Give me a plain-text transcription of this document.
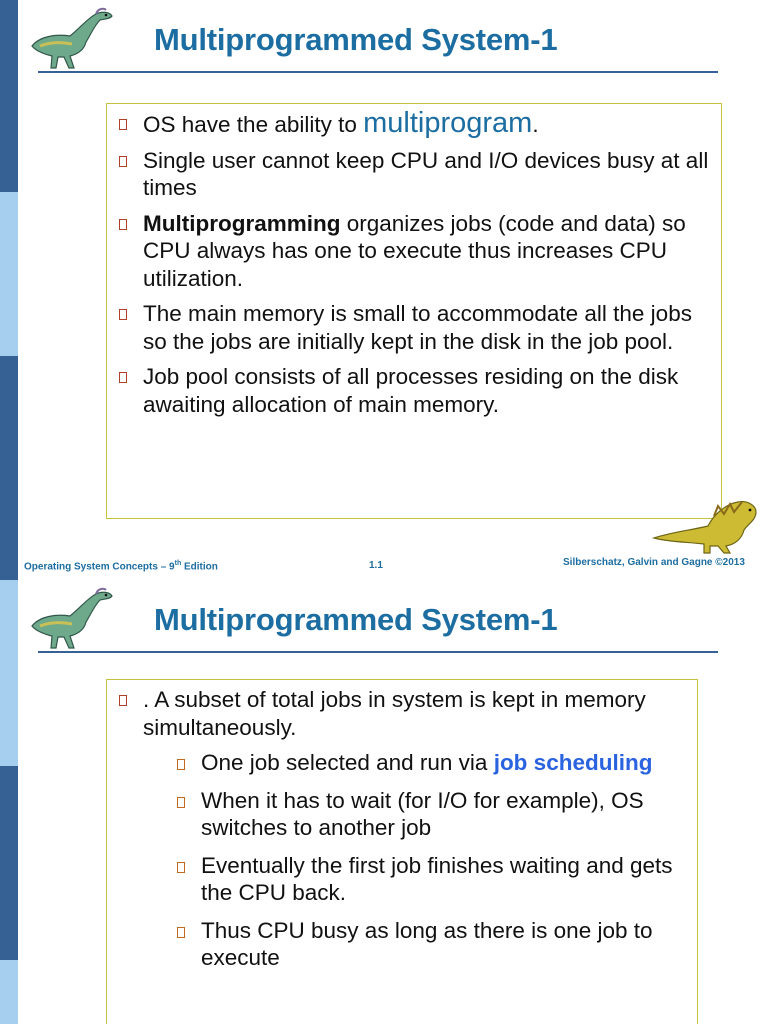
Multiprogrammed System-1
OS have the ability to multiprogram.
Single user cannot keep CPU and I/O devices busy at all times
Multiprogramming organizes jobs (code and data) so CPU always has one to execute thus increases CPU utilization.
The main memory is small to accommodate all the jobs so the jobs are initially kept in the disk in the job pool.
Job pool consists of all processes residing on the disk awaiting allocation of main memory.
Operating System Concepts – 9th Edition	1.1	Silberschatz, Galvin and Gagne ©2013
Multiprogrammed System-1
. A subset of total jobs in system is kept in memory simultaneously.
One job selected and run via job scheduling
When it has to wait (for I/O for example), OS switches to another job
Eventually the first job finishes waiting and gets the CPU back.
Thus CPU busy as long as there is one job to execute
